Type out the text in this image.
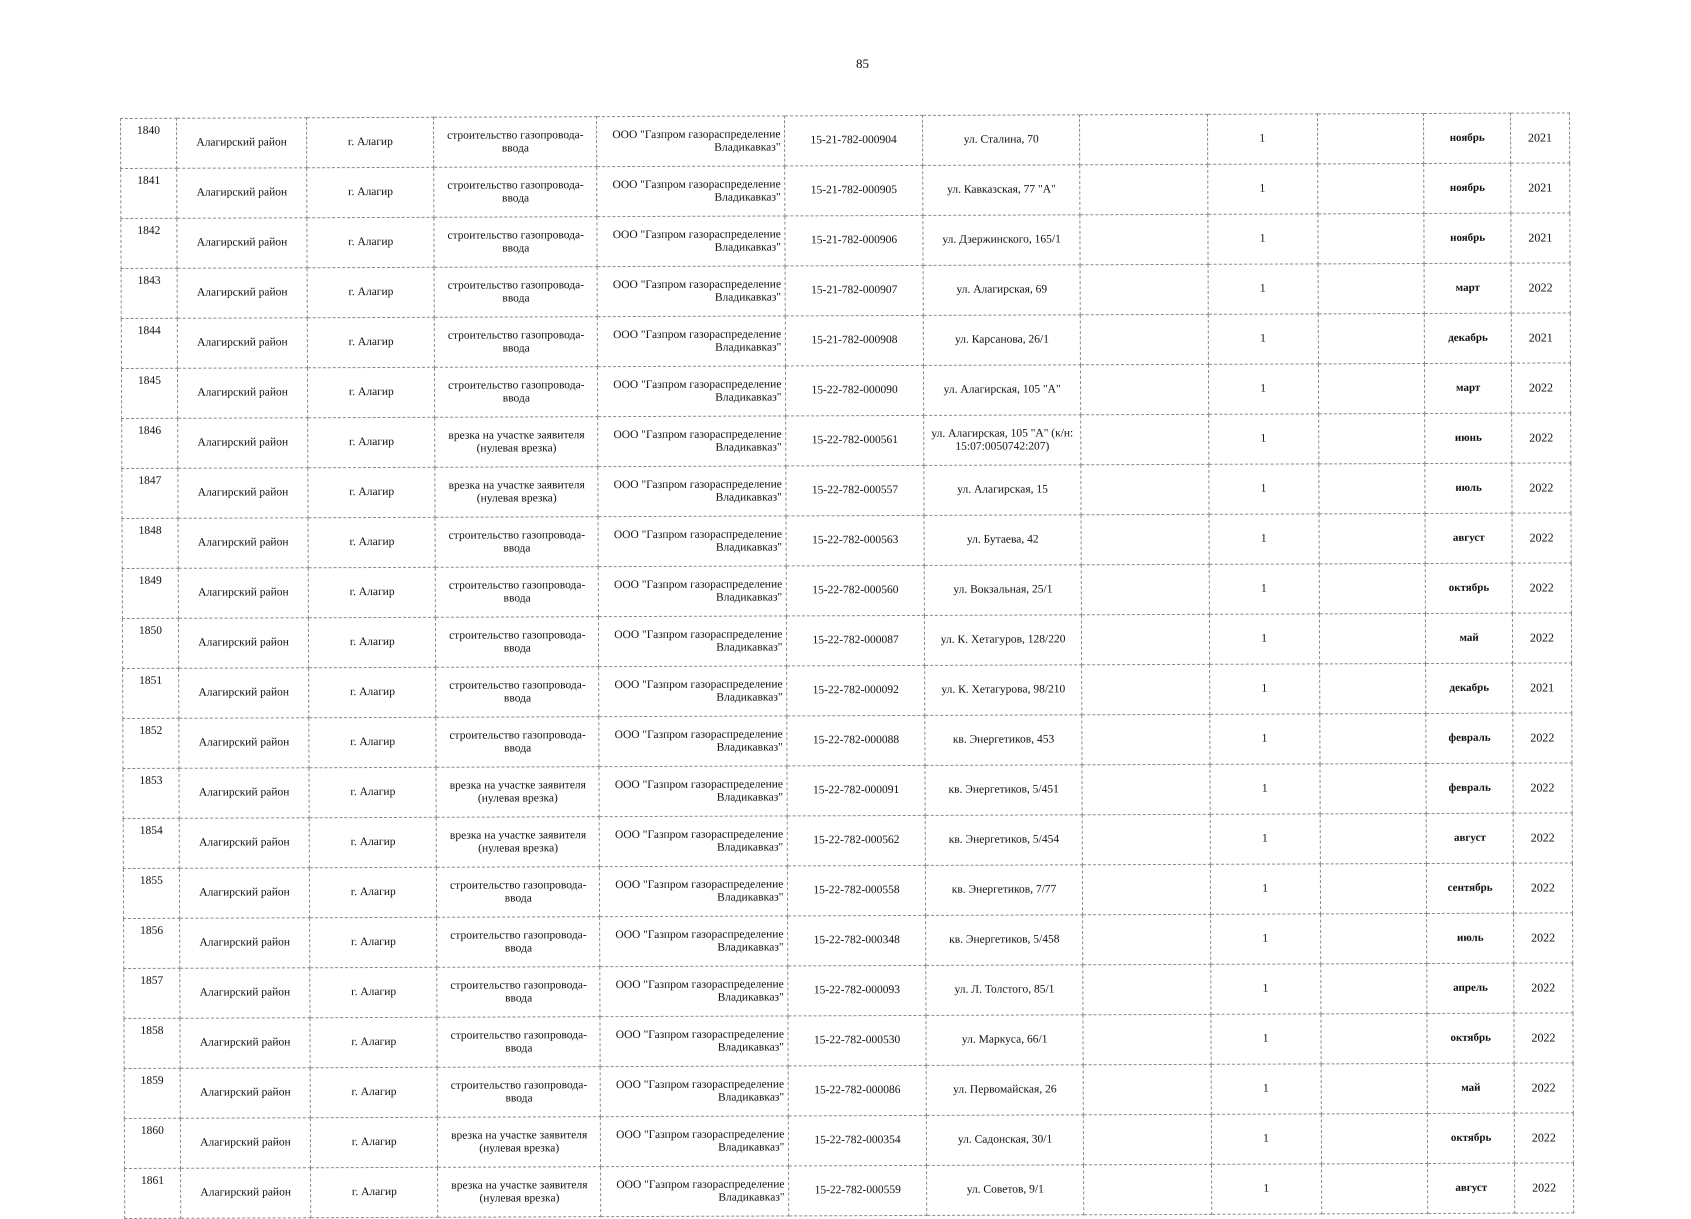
85
1840	Алагирский район	г. Алагир	строительство газопровода-ввода	ООО "Газпром газораспределение Владикавказ"	15-21-782-000904	ул. Сталина, 70		1		ноябрь	2021
1841	Алагирский район	г. Алагир	строительство газопровода-ввода	ООО "Газпром газораспределение Владикавказ"	15-21-782-000905	ул. Кавказская, 77 "А"		1		ноябрь	2021
1842	Алагирский район	г. Алагир	строительство газопровода-ввода	ООО "Газпром газораспределение Владикавказ"	15-21-782-000906	ул. Дзержинского, 165/1		1		ноябрь	2021
1843	Алагирский район	г. Алагир	строительство газопровода-ввода	ООО "Газпром газораспределение Владикавказ"	15-21-782-000907	ул. Алагирская, 69		1		март	2022
1844	Алагирский район	г. Алагир	строительство газопровода-ввода	ООО "Газпром газораспределение Владикавказ"	15-21-782-000908	ул. Карсанова, 26/1		1		декабрь	2021
1845	Алагирский район	г. Алагир	строительство газопровода-ввода	ООО "Газпром газораспределение Владикавказ"	15-22-782-000090	ул. Алагирская, 105 "А"		1		март	2022
1846	Алагирский район	г. Алагир	врезка на участке заявителя (нулевая врезка)	ООО "Газпром газораспределение Владикавказ"	15-22-782-000561	ул. Алагирская, 105 "А" (к/н: 15:07:0050742:207)		1		июнь	2022
1847	Алагирский район	г. Алагир	врезка на участке заявителя (нулевая врезка)	ООО "Газпром газораспределение Владикавказ"	15-22-782-000557	ул. Алагирская, 15		1		июль	2022
1848	Алагирский район	г. Алагир	строительство газопровода-ввода	ООО "Газпром газораспределение Владикавказ"	15-22-782-000563	ул. Бутаева, 42		1		август	2022
1849	Алагирский район	г. Алагир	строительство газопровода-ввода	ООО "Газпром газораспределение Владикавказ"	15-22-782-000560	ул. Вокзальная, 25/1		1		октябрь	2022
1850	Алагирский район	г. Алагир	строительство газопровода-ввода	ООО "Газпром газораспределение Владикавказ"	15-22-782-000087	ул. К. Хетагуров, 128/220		1		май	2022
1851	Алагирский район	г. Алагир	строительство газопровода-ввода	ООО "Газпром газораспределение Владикавказ"	15-22-782-000092	ул. К. Хетагурова, 98/210		1		декабрь	2021
1852	Алагирский район	г. Алагир	строительство газопровода-ввода	ООО "Газпром газораспределение Владикавказ"	15-22-782-000088	кв. Энергетиков, 453		1		февраль	2022
1853	Алагирский район	г. Алагир	врезка на участке заявителя (нулевая врезка)	ООО "Газпром газораспределение Владикавказ"	15-22-782-000091	кв. Энергетиков, 5/451		1		февраль	2022
1854	Алагирский район	г. Алагир	врезка на участке заявителя (нулевая врезка)	ООО "Газпром газораспределение Владикавказ"	15-22-782-000562	кв. Энергетиков, 5/454		1		август	2022
1855	Алагирский район	г. Алагир	строительство газопровода-ввода	ООО "Газпром газораспределение Владикавказ"	15-22-782-000558	кв. Энергетиков, 7/77		1		сентябрь	2022
1856	Алагирский район	г. Алагир	строительство газопровода-ввода	ООО "Газпром газораспределение Владикавказ"	15-22-782-000348	кв. Энергетиков, 5/458		1		июль	2022
1857	Алагирский район	г. Алагир	строительство газопровода-ввода	ООО "Газпром газораспределение Владикавказ"	15-22-782-000093	ул. Л. Толстого, 85/1		1		апрель	2022
1858	Алагирский район	г. Алагир	строительство газопровода-ввода	ООО "Газпром газораспределение Владикавказ"	15-22-782-000530	ул. Маркуса, 66/1		1		октябрь	2022
1859	Алагирский район	г. Алагир	строительство газопровода-ввода	ООО "Газпром газораспределение Владикавказ"	15-22-782-000086	ул. Первомайская, 26		1		май	2022
1860	Алагирский район	г. Алагир	врезка на участке заявителя (нулевая врезка)	ООО "Газпром газораспределение Владикавказ"	15-22-782-000354	ул. Садонская, 30/1		1		октябрь	2022
1861	Алагирский район	г. Алагир	врезка на участке заявителя (нулевая врезка)	ООО "Газпром газораспределение Владикавказ"	15-22-782-000559	ул. Советов, 9/1		1		август	2022
